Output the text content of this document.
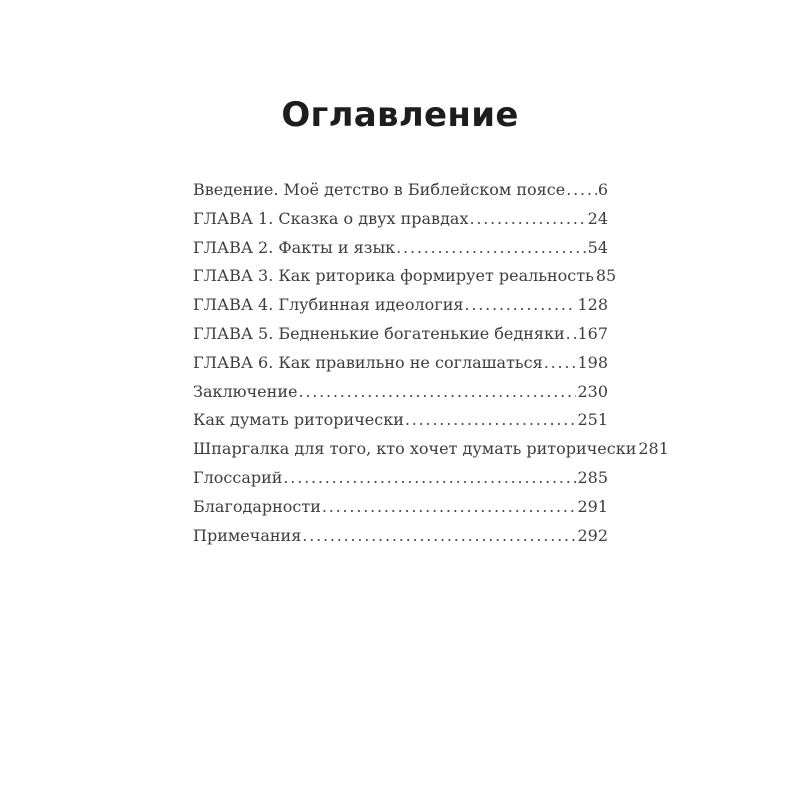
Оглавление
Введение. Моё детство в Библейском поясе ..... 6
ГЛАВА 1. Сказка о двух правдах .....	24
ГЛАВА 2. Факты и язык .....	54
ГЛАВА 3. Как риторика формирует реальность 85
ГЛАВА 4. Глубинная идеология .....	128
ГЛАВА 5. Бедненькие богатенькие бедняки ..... 167
ГЛАВА 6. Как правильно не соглашаться ..... 198
Заключение .....	230
Как думать риторически .....	251
Шпаргалка для того, кто хочет думать риторически 281
Глоссарий .....	285
Благодарности .....	291
Примечания .....	292
